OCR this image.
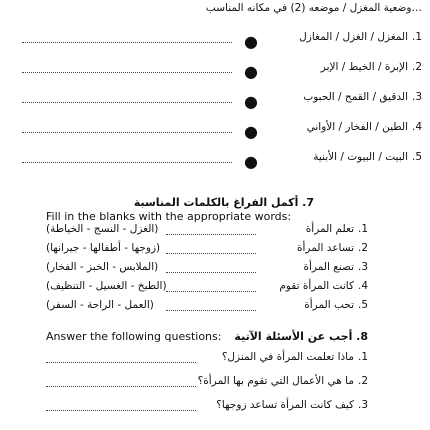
…وضعية المغزل / موضعه (2) في مكانه المناسب
●	المغزل / الغزل / المغازل 1.
●	الإبرة / الخيط / الإبر 2.
●	الدقيق / القمح / الحبوب 3.
●	الطين / الفخار / الأواني 4.
●	البيت / البيوت / الأبنية 5.
7. أكمل الفراغ بالكلمات المناسبة
Fill in the blanks with the appropriate words:
(الغزل - النسج - الخياطة)	تعلم المرأة 1.
(زوجها - أطفالها - جيرانها)	تساعد المرأة 2.
(الملابس - الخبز - الفخار)	تصنع المرأة 3.
(الطبخ - الغسيل - التنظيف)	كانت المرأة تقوم 4.
(العمل - الراحة - السفر)	تحب المرأة 5.
Answer the following questions: 8. أجب عن الأسئلة الآتية
ماذا تعلمت المرأة في المنزل؟ 1.
ما هي الأعمال التي تقوم بها المرأة؟ 2.
كيف كانت المرأة تساعد زوجها؟ 3.
